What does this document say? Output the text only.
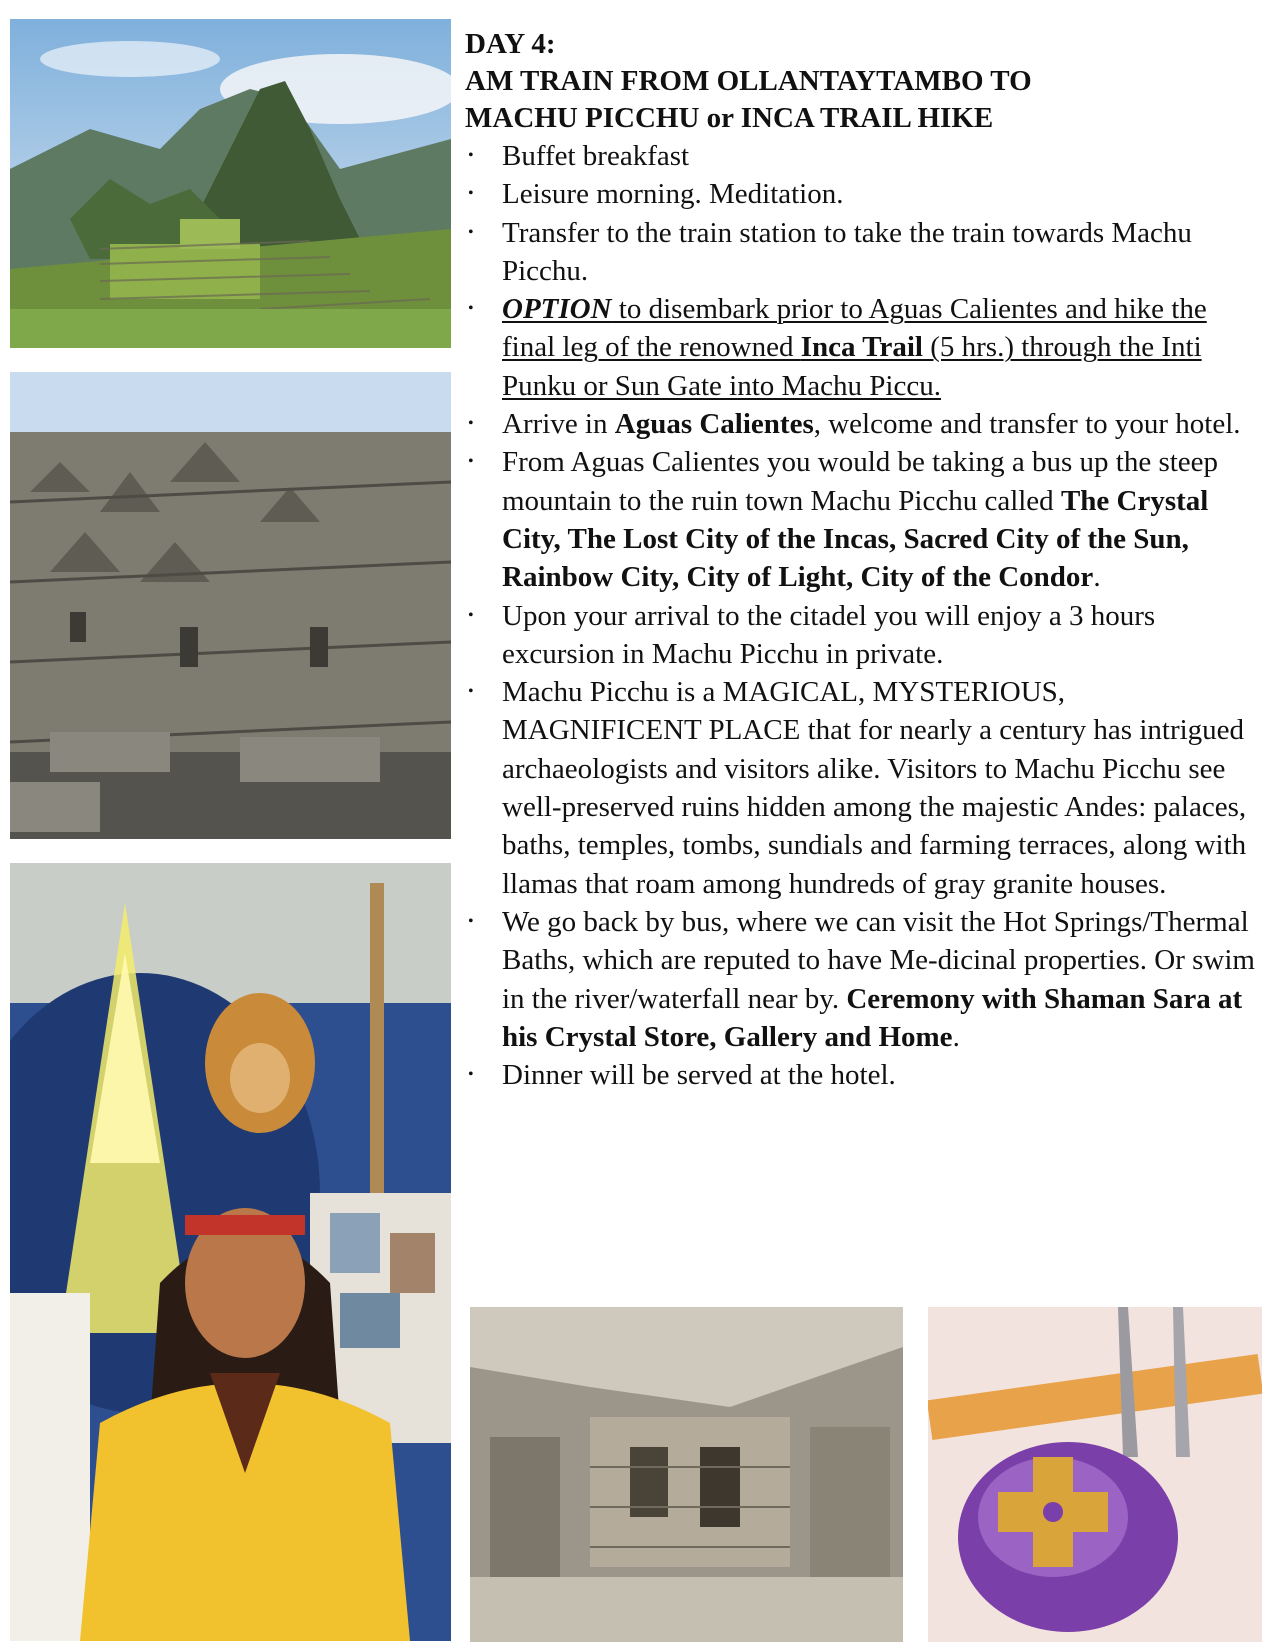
DAY 4:

AM TRAIN FROM OLLANTAYTAMBO TO

MACHU PICCHU or INCA TRAIL HIKE

• Buffet breakfast
• Leisure morning. Meditation.
• Transfer to the train station to take the train towards Machu Picchu.
• OPTION to disembark prior to Aguas Calientes and hike the final leg of the renowned Inca Trail (5 hrs.) through the Inti Punku or Sun Gate into Machu Piccu.
• Arrive in Aguas Calientes, welcome and transfer to your hotel.
• From Aguas Calientes you would be taking a bus up the steep mountain to the ruin town Machu Picchu called The Crystal City, The Lost City of the Incas, Sacred City of the Sun, Rainbow City, City of Light, City of the Condor.
• Upon your arrival to the citadel you will enjoy a 3 hours excursion in Machu Picchu in private.
• Machu Picchu is a MAGICAL, MYSTERIOUS, MAGNIFICENT PLACE that for nearly a century has intrigued archaeologists and visitors alike. Visitors to Machu Picchu see well-preserved ruins hidden among the majestic Andes: palaces, baths, temples, tombs, sundials and farming terraces, along with llamas that roam among hundreds of gray granite houses.
• We go back by bus, where we can visit the Hot Springs/Thermal Baths, which are reputed to have Me-dicinal properties. Or swim in the river/waterfall near by. Ceremony with Shaman Sara at his Crystal Store, Gallery and Home.
• Dinner will be served at the hotel.
